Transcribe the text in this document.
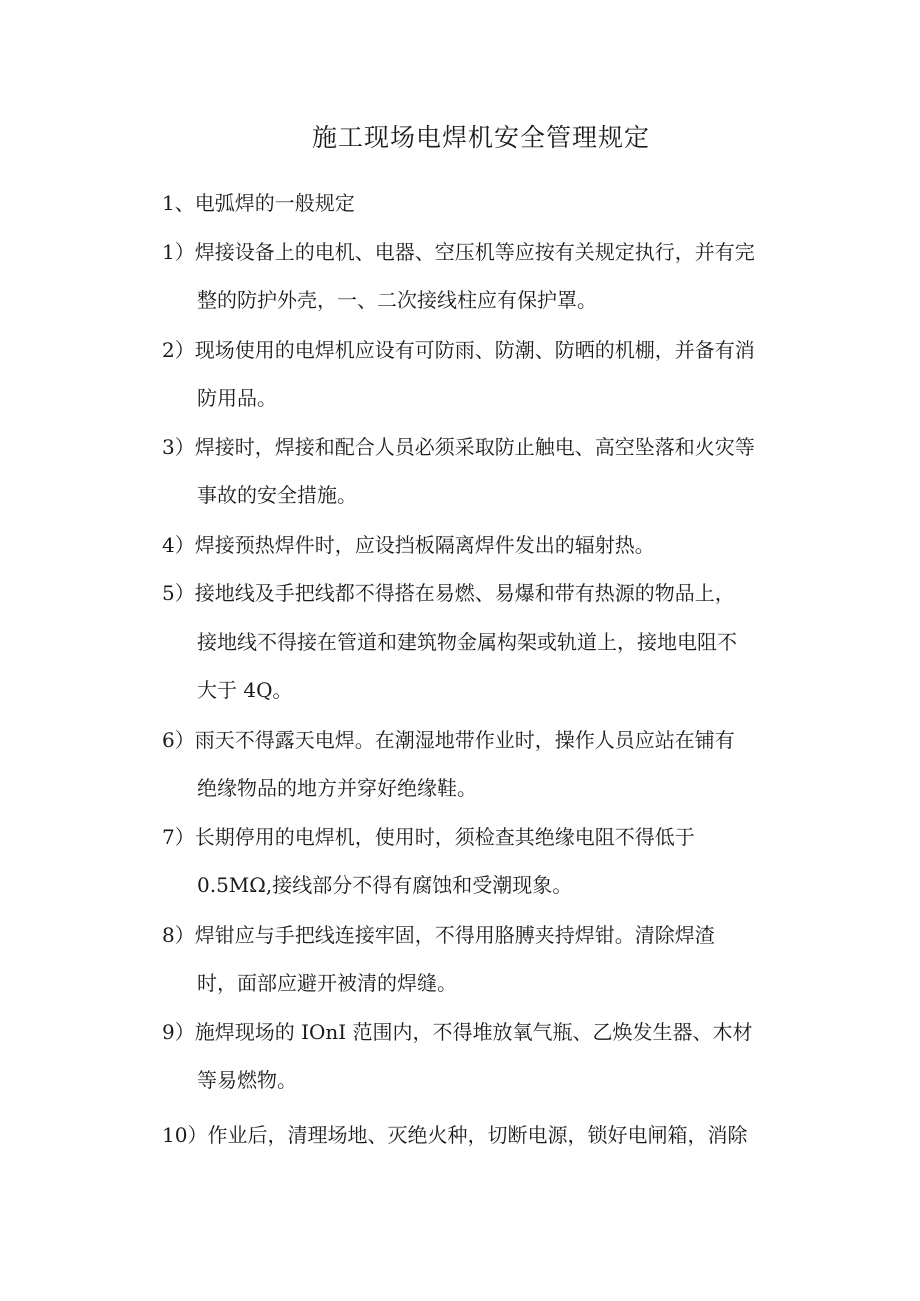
施工现场电焊机安全管理规定

1、电弧焊的一般规定

1）焊接设备上的电机、电器、空压机等应按有关规定执行，并有完

整的防护外壳，一、二次接线柱应有保护罩。

2）现场使用的电焊机应设有可防雨、防潮、防晒的机棚，并备有消

防用品。

3）焊接时，焊接和配合人员必须采取防止触电、高空坠落和火灾等

事故的安全措施。

4）焊接预热焊件时，应设挡板隔离焊件发出的辐射热。

5）接地线及手把线都不得搭在易燃、易爆和带有热源的物品上，

接地线不得接在管道和建筑物金属构架或轨道上，接地电阻不

大于 4Q。

6）雨天不得露天电焊。在潮湿地带作业时，操作人员应站在铺有

绝缘物品的地方并穿好绝缘鞋。

7）长期停用的电焊机，使用时，须检查其绝缘电阻不得低于

0.5MΩ,接线部分不得有腐蚀和受潮现象。

8）焊钳应与手把线连接牢固，不得用胳膊夹持焊钳。清除焊渣

时，面部应避开被清的焊缝。

9）施焊现场的 IOnI 范围内，不得堆放氧气瓶、乙焕发生器、木材

等易燃物。

10）作业后，清理场地、灭绝火种，切断电源，锁好电闸箱，消除
